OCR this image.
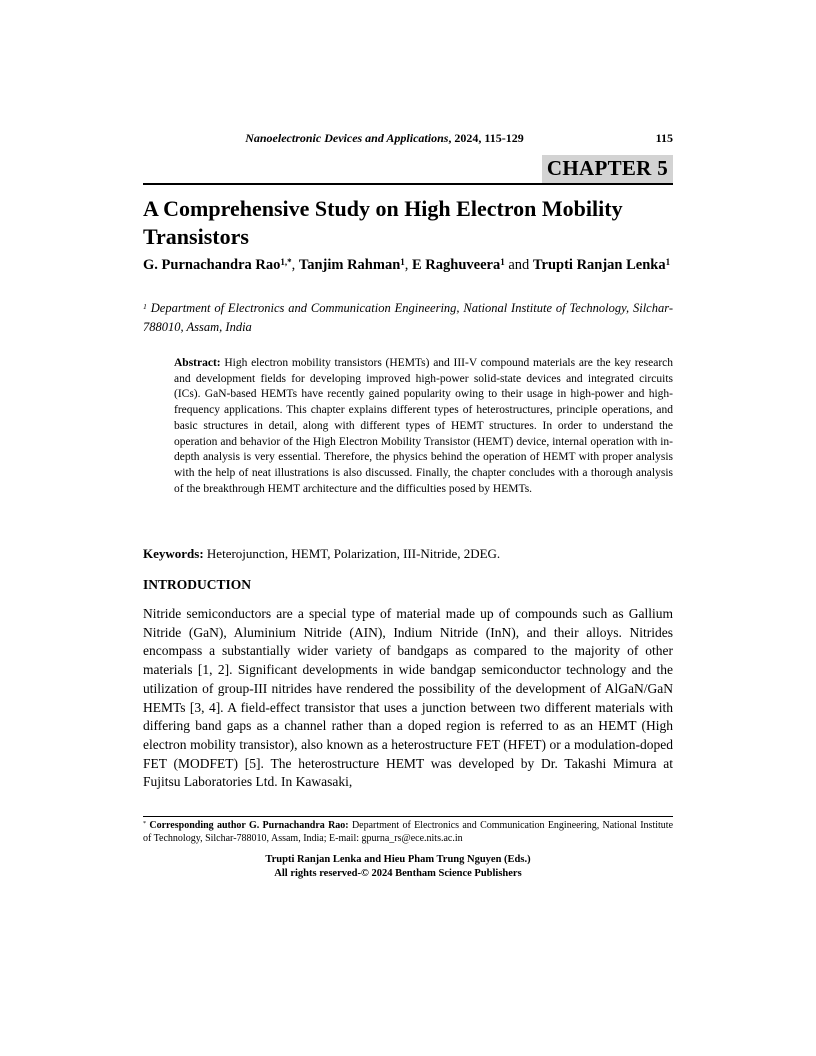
Nanoelectronic Devices and Applications, 2024, 115-129	115
CHAPTER 5
A Comprehensive Study on High Electron Mobility Transistors

G. Purnachandra Rao$^{1,*}$, Tanjim Rahman$^1$, E Raghuveera$^1$ and Trupti Ranjan Lenka$^1$

$^1$ Department of Electronics and Communication Engineering, National Institute of Technology, Silchar-788010, Assam, India

Abstract: High electron mobility transistors (HEMTs) and III-V compound materials are the key research and development fields for developing improved high-power solid-state devices and integrated circuits (ICs). GaN-based HEMTs have recently gained popularity owing to their usage in high-power and high-frequency applications. This chapter explains different types of heterostructures, principle operations, and basic structures in detail, along with different types of HEMT structures. In order to understand the operation and behavior of the High Electron Mobility Transistor (HEMT) device, internal operation with in-depth analysis is very essential. Therefore, the physics behind the operation of HEMT with proper analysis with the help of neat illustrations is also discussed. Finally, the chapter concludes with a thorough analysis of the breakthrough HEMT architecture and the difficulties posed by HEMTs.

Keywords: Heterojunction, HEMT, Polarization, III-Nitride, 2DEG.

INTRODUCTION

Nitride semiconductors are a special type of material made up of compounds such as Gallium Nitride (GaN), Aluminium Nitride (AIN), Indium Nitride (InN), and their alloys. Nitrides encompass a substantially wider variety of bandgaps as compared to the majority of other materials [1, 2]. Significant developments in wide bandgap semiconductor technology and the utilization of group-III nitrides have rendered the possibility of the development of AlGaN/GaN HEMTs [3, 4]. A field-effect transistor that uses a junction between two different materials with differing band gaps as a channel rather than a doped region is referred to as an HEMT (High electron mobility transistor), also known as a heterostructure FET (HFET) or a modulation-doped FET (MODFET) [5]. The heterostructure HEMT was developed by Dr. Takashi Mimura at Fujitsu Laboratories Ltd. In Kawasaki,

* Corresponding author G. Purnachandra Rao: Department of Electronics and Communication Engineering, National Institute of Technology, Silchar-788010, Assam, India; E-mail: gpurna_rs@ece.nits.ac.in

Trupti Ranjan Lenka and Hieu Pham Trung Nguyen (Eds.)
All rights reserved-© 2024 Bentham Science Publishers
